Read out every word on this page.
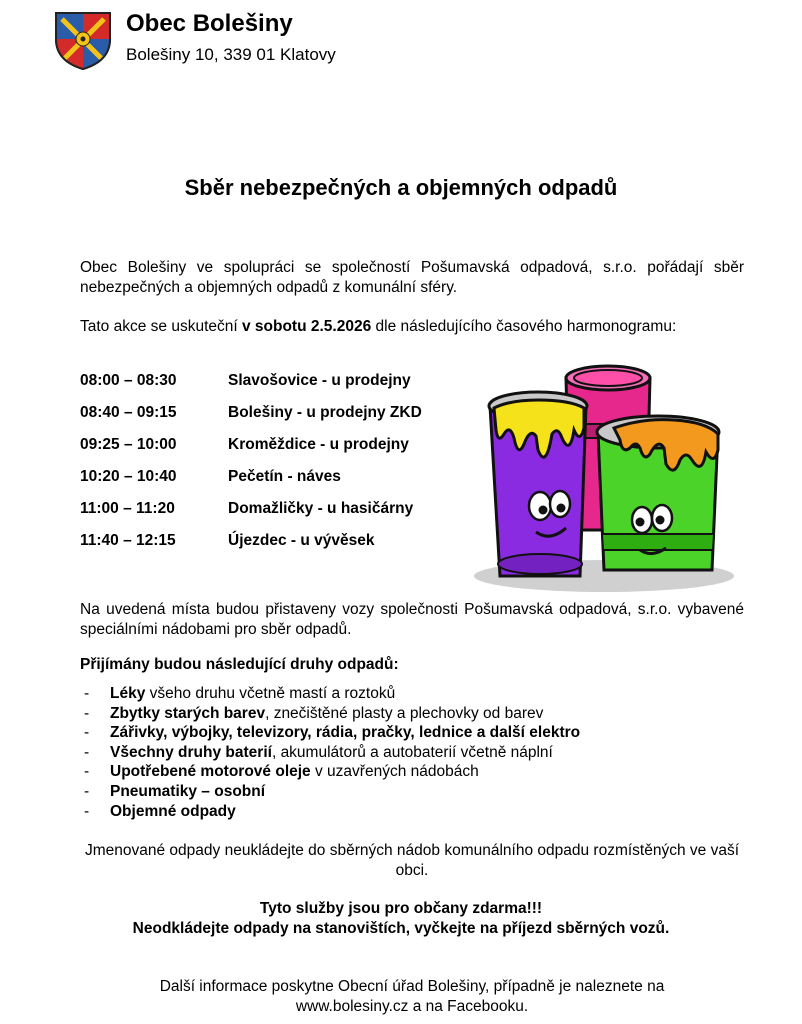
Obec Bolešiny
Bolešiny 10, 339 01 Klatovy
Sběr nebezpečných a objemných odpadů
Obec Bolešiny ve spolupráci se společností Pošumavská odpadová, s.r.o. pořádají sběr nebezpečných a objemných odpadů z komunální sféry.
Tato akce se uskuteční v sobotu 2.5.2026 dle následujícího časového harmonogramu:
08:00 – 08:30	Slavošovice - u prodejny
08:40 – 09:15	Bolešiny - u prodejny ZKD
09:25 – 10:00	Kroměždice - u prodejny
10:20 – 10:40	Pečetín - náves
11:00 – 11:20	Domažličky - u hasičárny
11:40 – 12:15	Újezdec - u vývěsek
Na uvedená místa budou přistaveny vozy společnosti Pošumavská odpadová, s.r.o. vybavené speciálními nádobami pro sběr odpadů.
Přijímány budou následující druhy odpadů:
- Léky všeho druhu včetně mastí a roztoků
- Zbytky starých barev, znečištěné plasty a plechovky od barev
- Zářivky, výbojky, televizory, rádia, pračky, lednice a další elektro
- Všechny druhy baterií, akumulátorů a autobaterií včetně náplní
- Upotřebené motorové oleje v uzavřených nádobách
- Pneumatiky – osobní
- Objemné odpady
Jmenované odpady neukládejte do sběrných nádob komunálního odpadu rozmístěných ve vaší obci.
Tyto služby jsou pro občany zdarma!!!
Neodkládejte odpady na stanovištích, vyčkejte na příjezd sběrných vozů.
Další informace poskytne Obecní úřad Bolešiny, případně je naleznete na www.bolesiny.cz a na Facebooku.
